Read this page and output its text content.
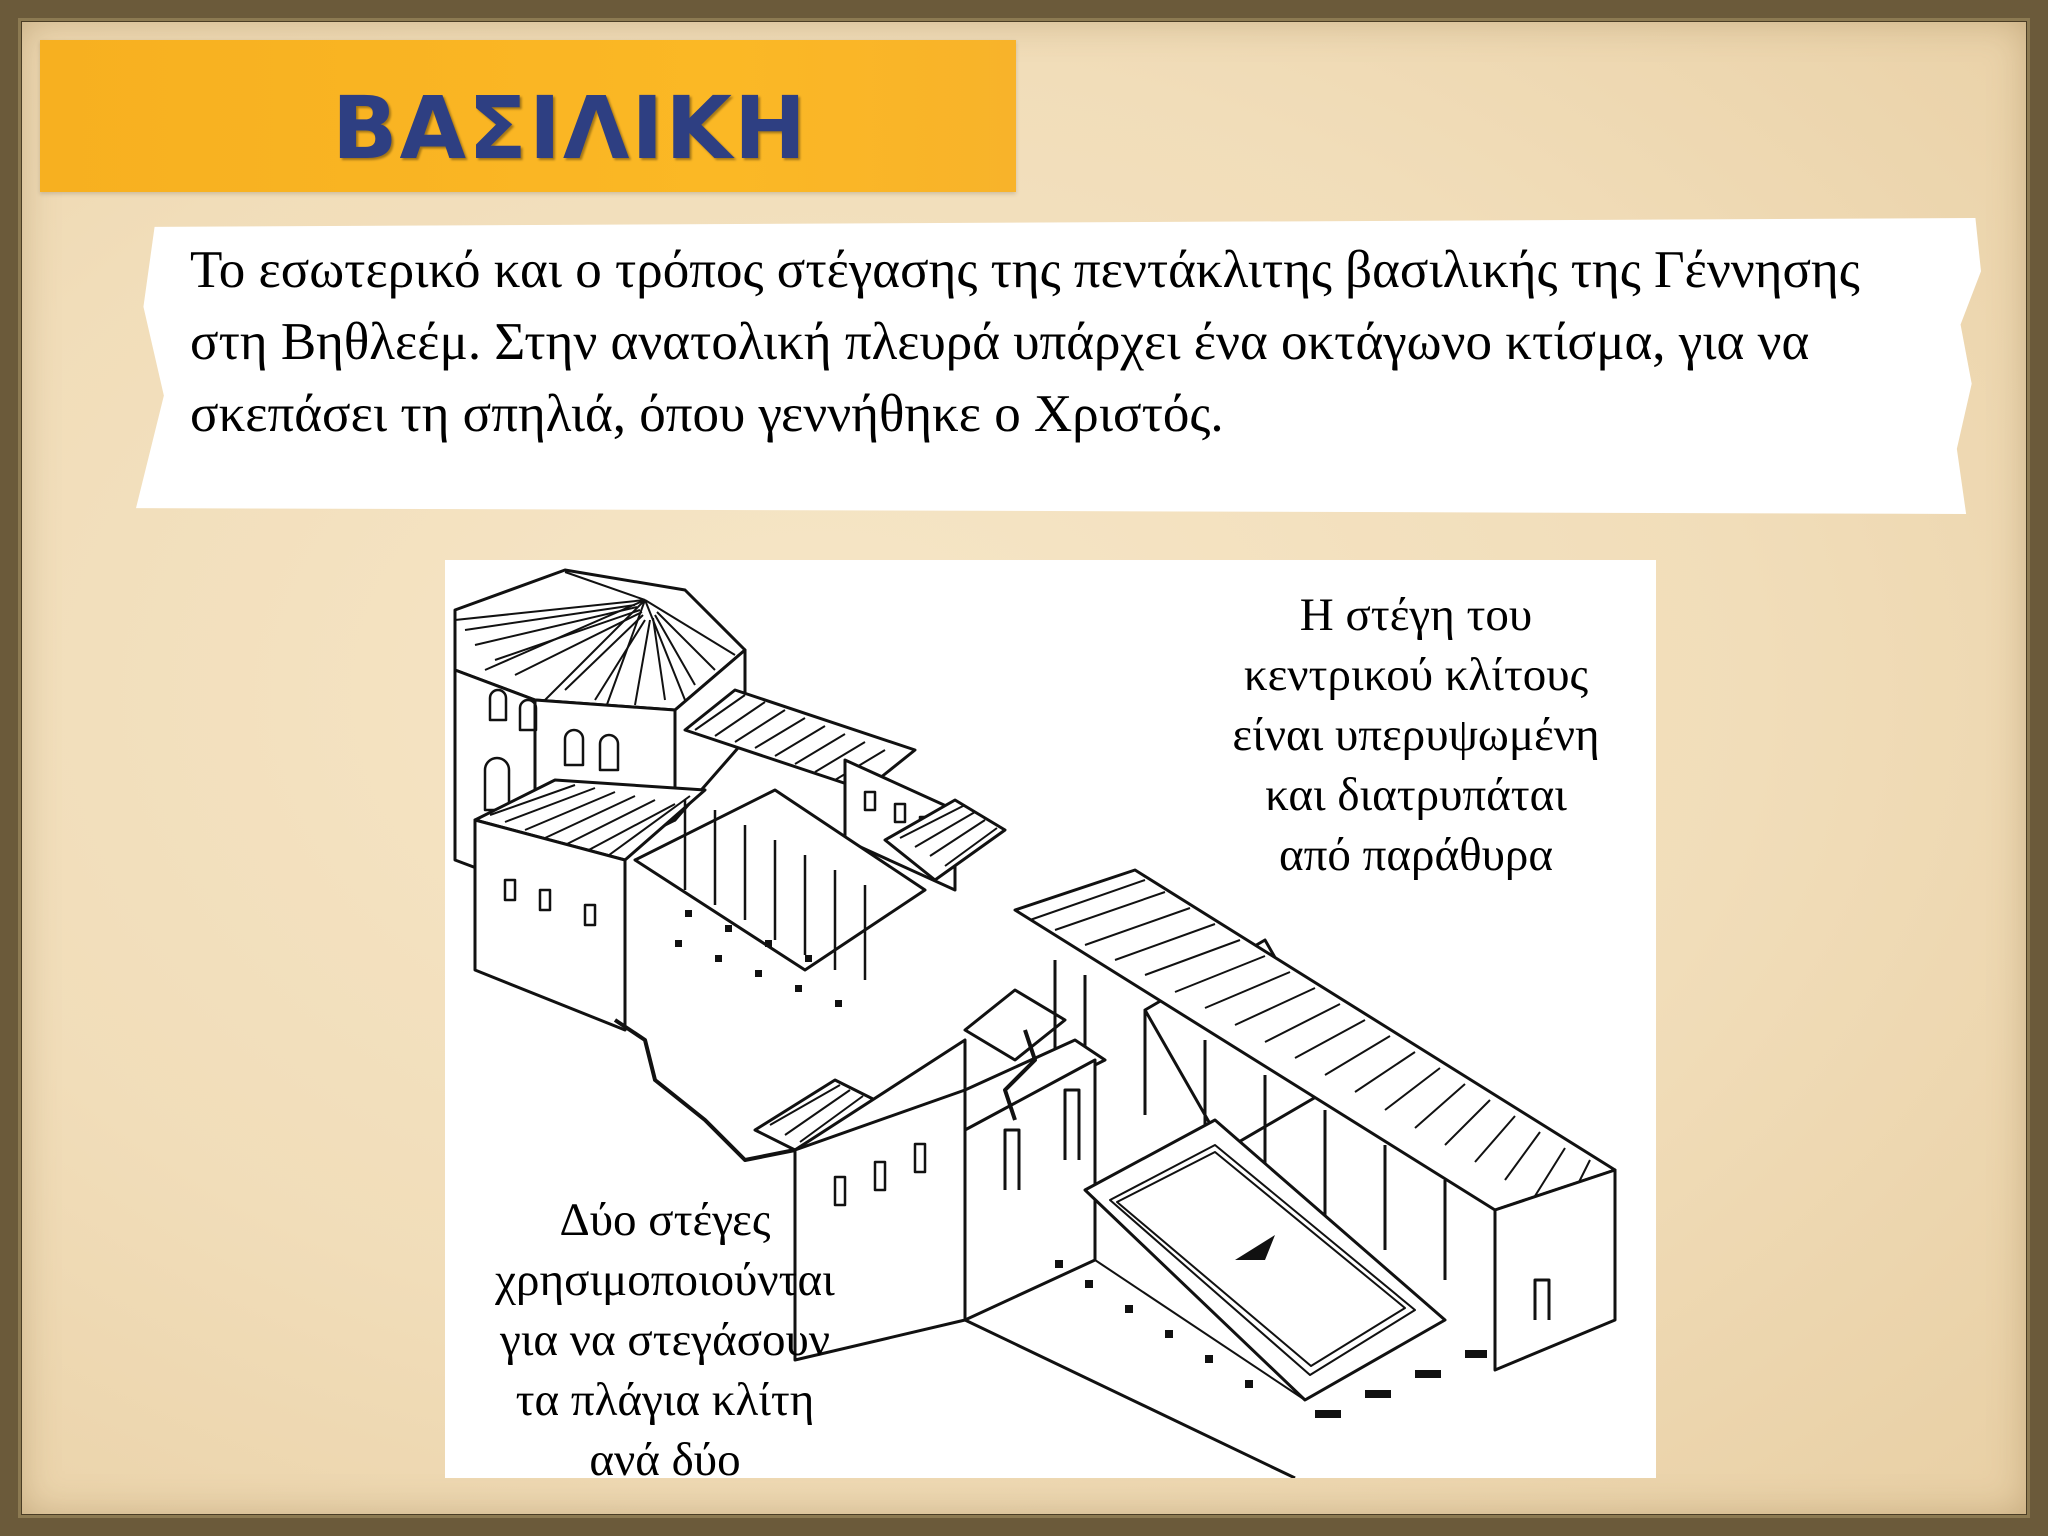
ΒΑΣΙΛΙΚΗ

Το εσωτερικό και ο τρόπος στέγασης της πεντάκλιτης βασιλικής της Γέννησης στη Βηθλεέμ. Στην ανατολική πλευρά υπάρχει ένα οκτάγωνο κτίσμα, για να σκεπάσει τη σπηλιά, όπου γεννήθηκε ο Χριστός.

Η στέγη του
κεντρικού κλίτους
είναι υπερυψωμένη
και διατρυπάται
από παράθυρα

Δύο στέγες
χρησιμοποιούνται
για να στεγάσουν
τα πλάγια κλίτη
ανά δύο
